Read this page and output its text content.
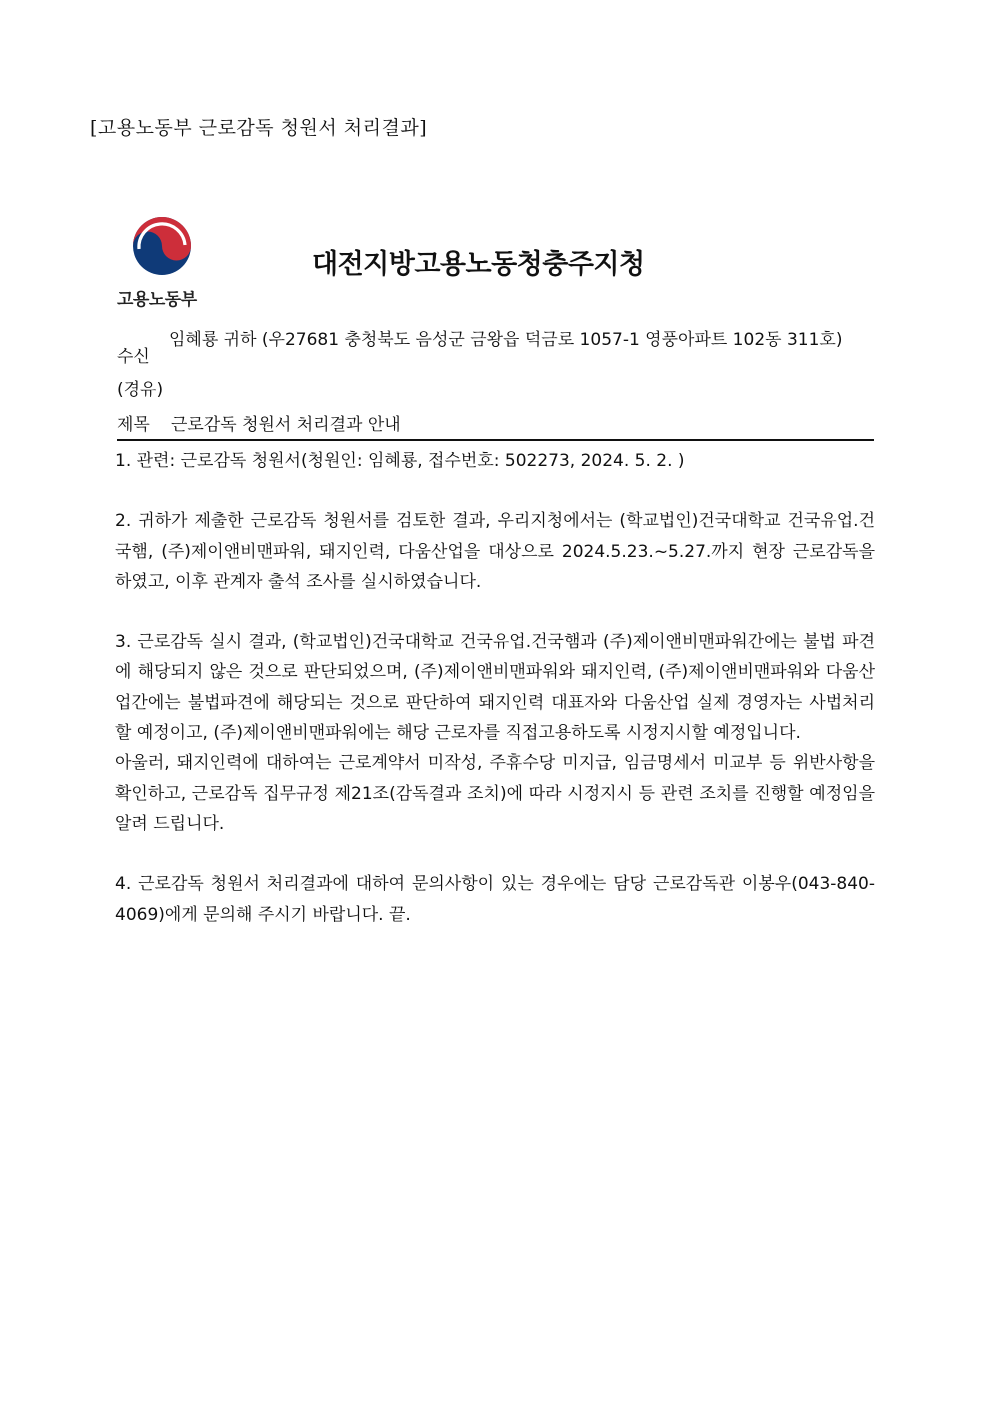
[고용노동부 근로감독 청원서 처리결과]
고용노동부
대전지방고용노동청충주지청
수신
임혜룡 귀하 (우27681 충청북도 음성군 금왕읍 덕금로 1057-1 영풍아파트 102동 311호)
(경유)
제목 근로감독 청원서 처리결과 안내

1. 관련: 근로감독 청원서(청원인: 임혜룡, 접수번호: 502273, 2024. 5. 2. )

2. 귀하가 제출한 근로감독 청원서를 검토한 결과, 우리지청에서는 (학교법인)건국대학교 건국유업.건국햄, (주)제이앤비맨파워, 돼지인력, 다움산업을 대상으로 2024.5.23.~5.27.까지 현장 근로감독을 하였고, 이후 관계자 출석 조사를 실시하였습니다.

3. 근로감독 실시 결과, (학교법인)건국대학교 건국유업.건국햄과 (주)제이앤비맨파워간에는 불법 파견에 해당되지 않은 것으로 판단되었으며, (주)제이앤비맨파워와 돼지인력, (주)제이앤비맨파워와 다움산업간에는 불법파견에 해당되는 것으로 판단하여 돼지인력 대표자와 다움산업 실제 경영자는 사법처리할 예정이고, (주)제이앤비맨파워에는 해당 근로자를 직접고용하도록 시정지시할 예정입니다.

아울러, 돼지인력에 대하여는 근로계약서 미작성, 주휴수당 미지급, 임금명세서 미교부 등 위반사항을 확인하고, 근로감독 집무규정 제21조(감독결과 조치)에 따라 시정지시 등 관련 조치를 진행할 예정임을 알려 드립니다.

4. 근로감독 청원서 처리결과에 대하여 문의사항이 있는 경우에는 담당 근로감독관 이봉우(043-840-4069)에게 문의해 주시기 바랍니다. 끝.
